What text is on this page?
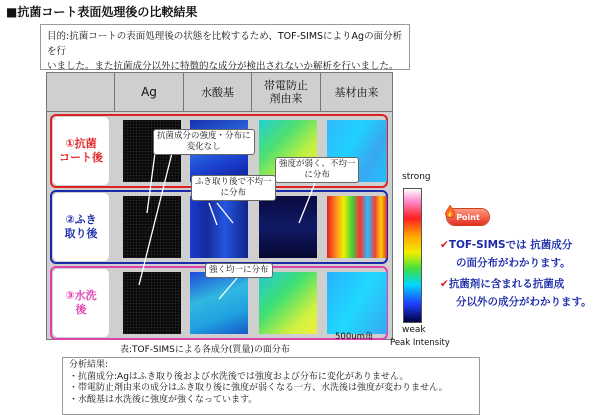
■抗菌コート表面処理後の比較結果
目的:抗菌コートの表面処理後の状態を比較するため、TOF-SIMSによりAgの面分析を行
いました。また抗菌成分以外に特徴的な成分が検出されないか解析を行いました。
Ag	水酸基	帯電防止
剤由来	基材由来
①抗菌
コート後
②ふき
取り後
③水洗
後
抗菌成分の強度・分布に
変化なし
強度が弱く、不均一
に分布
ふき取り後で不均一
に分布
強く均一に分布
500um角
表:TOF-SIMSによる各成分(質量)の面分布
strong
weak
Peak Intensity
Point
✔TOF-SIMSでは 抗菌成分
の面分布がわかります。
✔抗菌剤に含まれる抗菌成
分以外の成分がわかります。
分析結果:
・抗菌成分:Agはふき取り後および水洗後では強度および分布に変化がありません。
・帯電防止剤由来の成分はふき取り後に強度が弱くなる一方、水洗後は強度が変わりません。
・水酸基は水洗後に強度が強くなっています。
